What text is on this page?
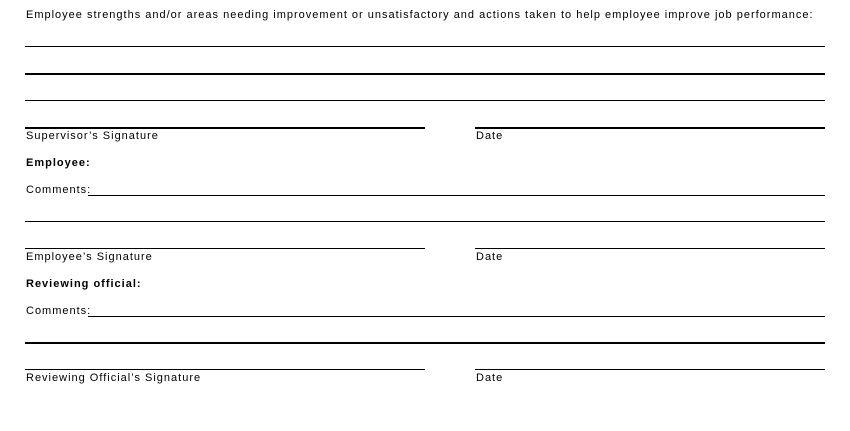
Employee strengths and/or areas needing improvement or unsatisfactory and actions taken to help employee improve job performance:
Supervisor’s Signature	Date
Employee:
Comments:
Employee’s Signature	Date
Reviewing official:
Comments:
Reviewing Official’s Signature	Date
